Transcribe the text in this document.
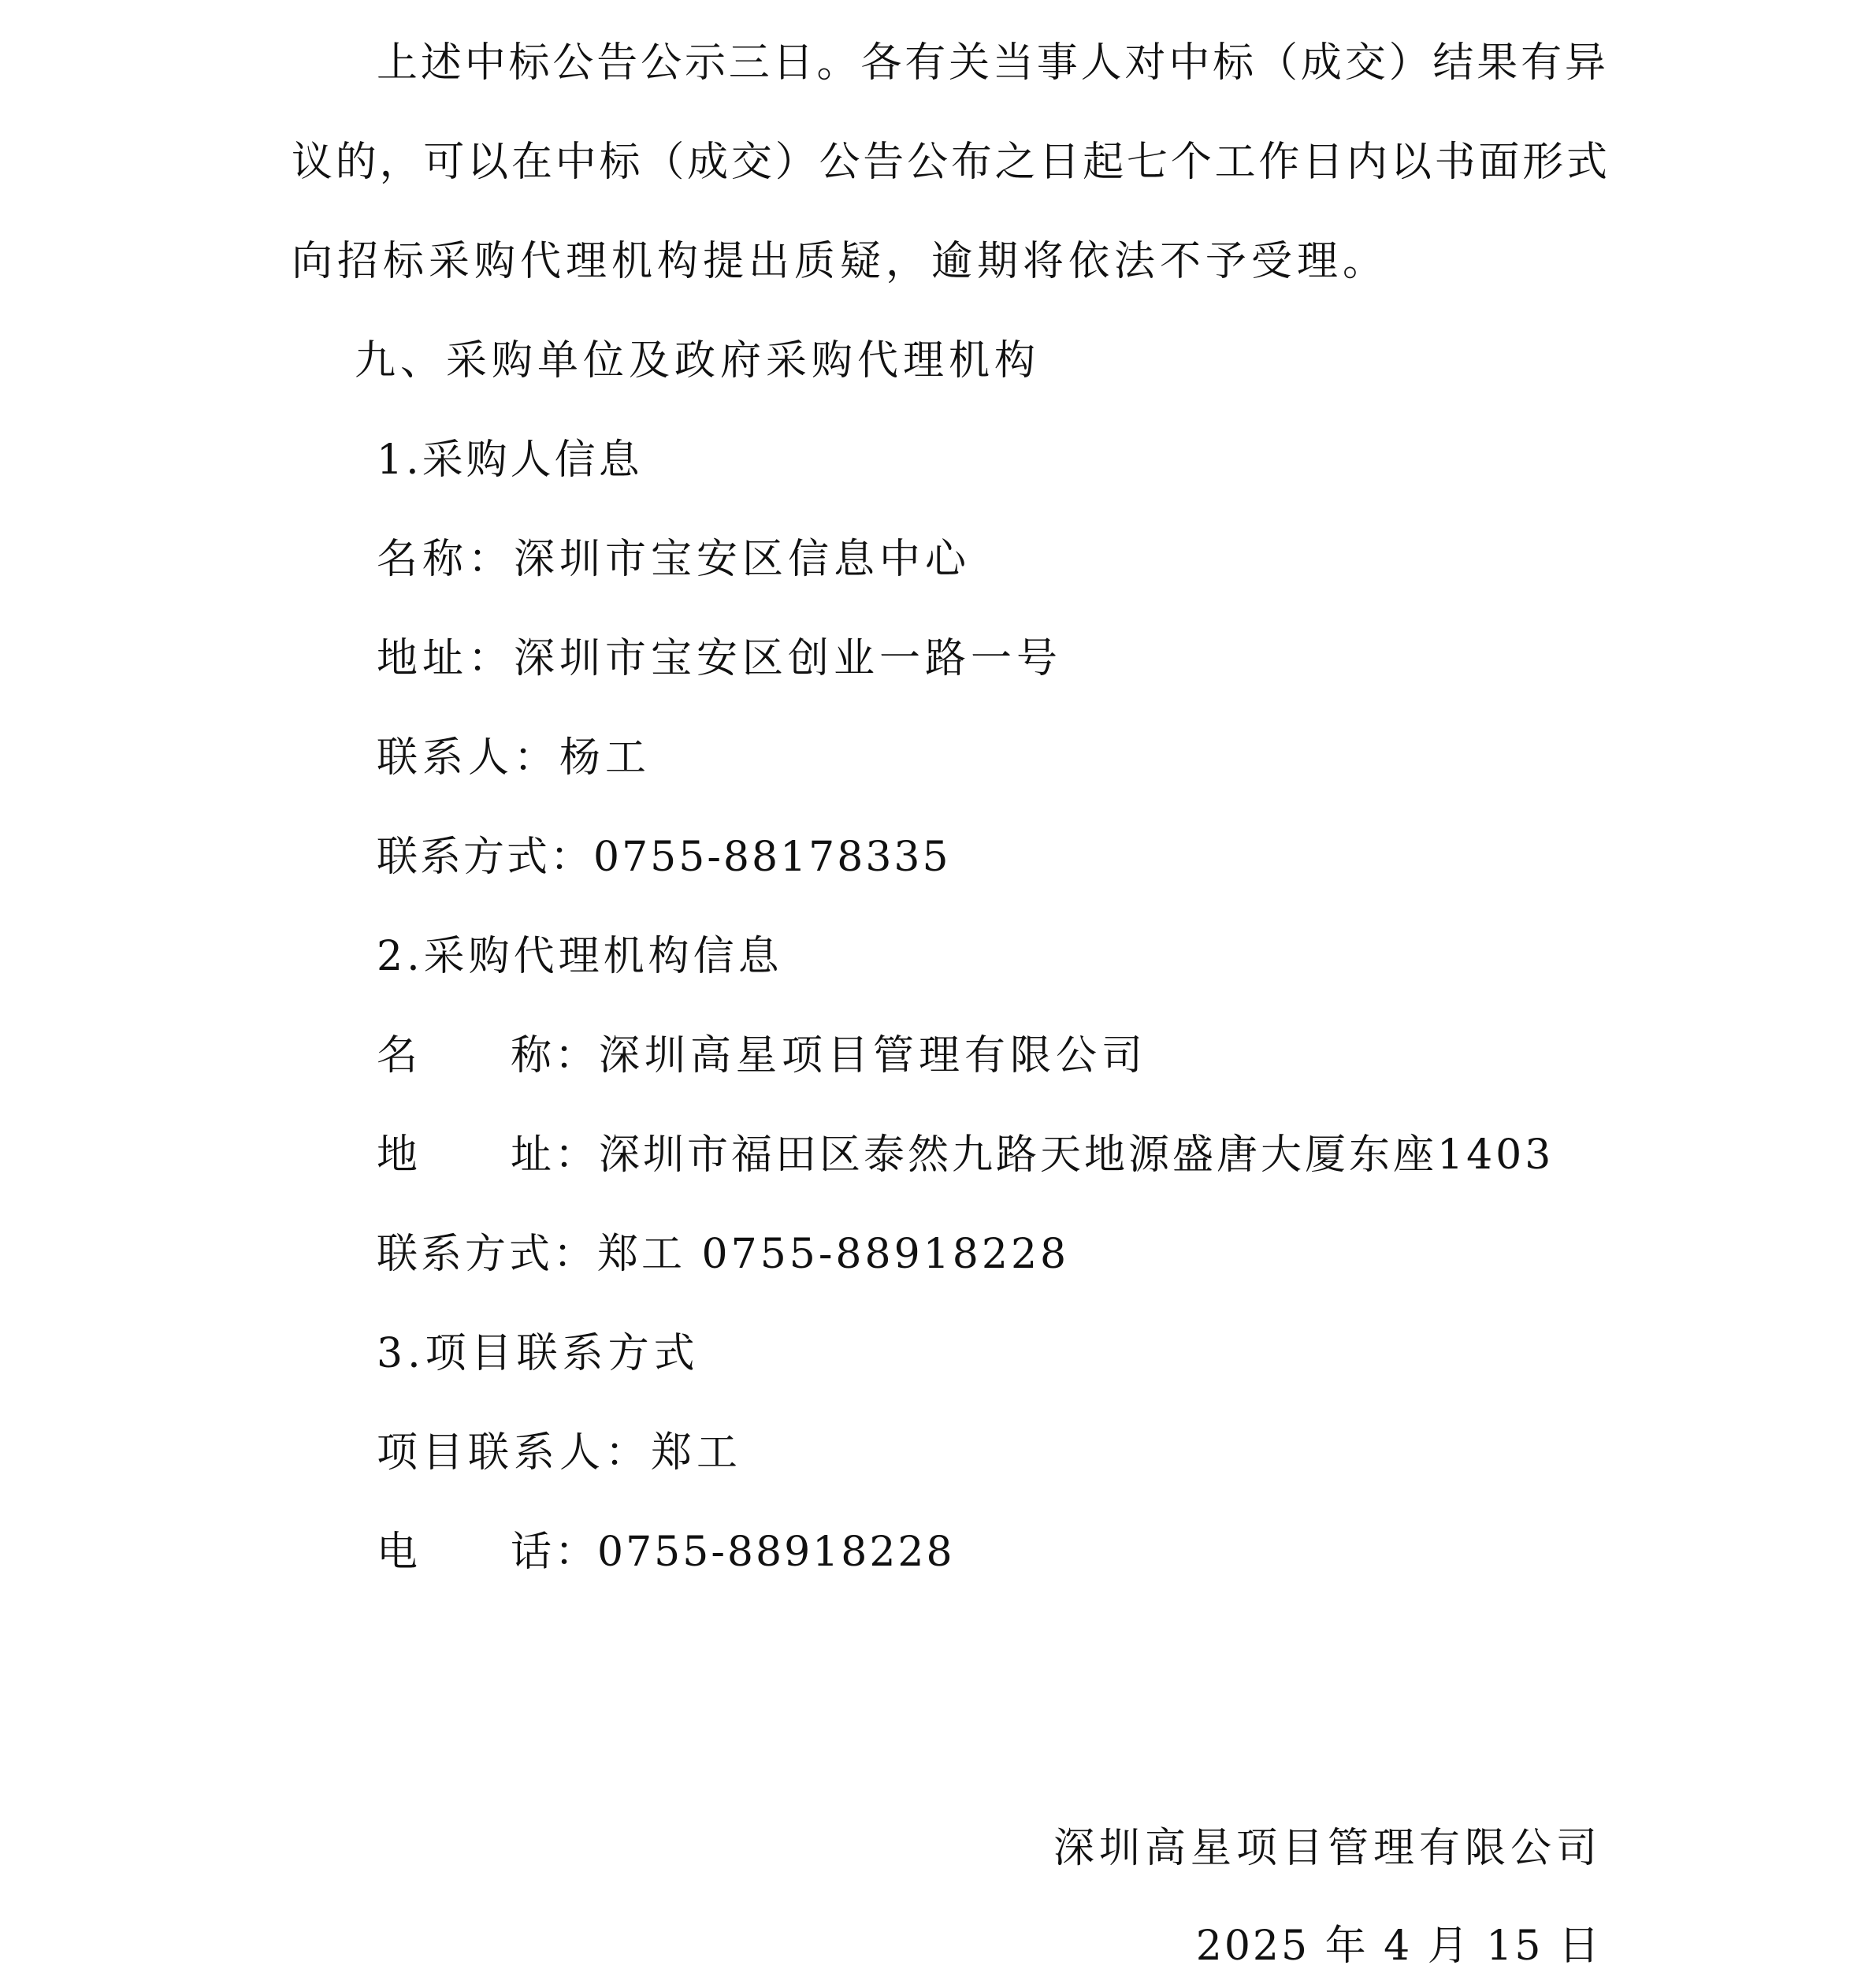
上述中标公告公示三日。各有关当事人对中标（成交）结果有异
议的，可以在中标（成交）公告公布之日起七个工作日内以书面形式
向招标采购代理机构提出质疑，逾期将依法不予受理。
九、采购单位及政府采购代理机构
1.采购人信息
名称：深圳市宝安区信息中心
地址：深圳市宝安区创业一路一号
联系人：杨工
联系方式：0755-88178335
2.采购代理机构信息
名 称： 深圳高星项目管理有限公司
地 址： 深圳市福田区泰然九路天地源盛唐大厦东座1403
联系方式：郑工 0755-88918228
3.项目联系方式
项目联系人：郑工
电 话：
0755-88918228
深圳高星项目管理有限公司
2025 年 4 月 15 日
